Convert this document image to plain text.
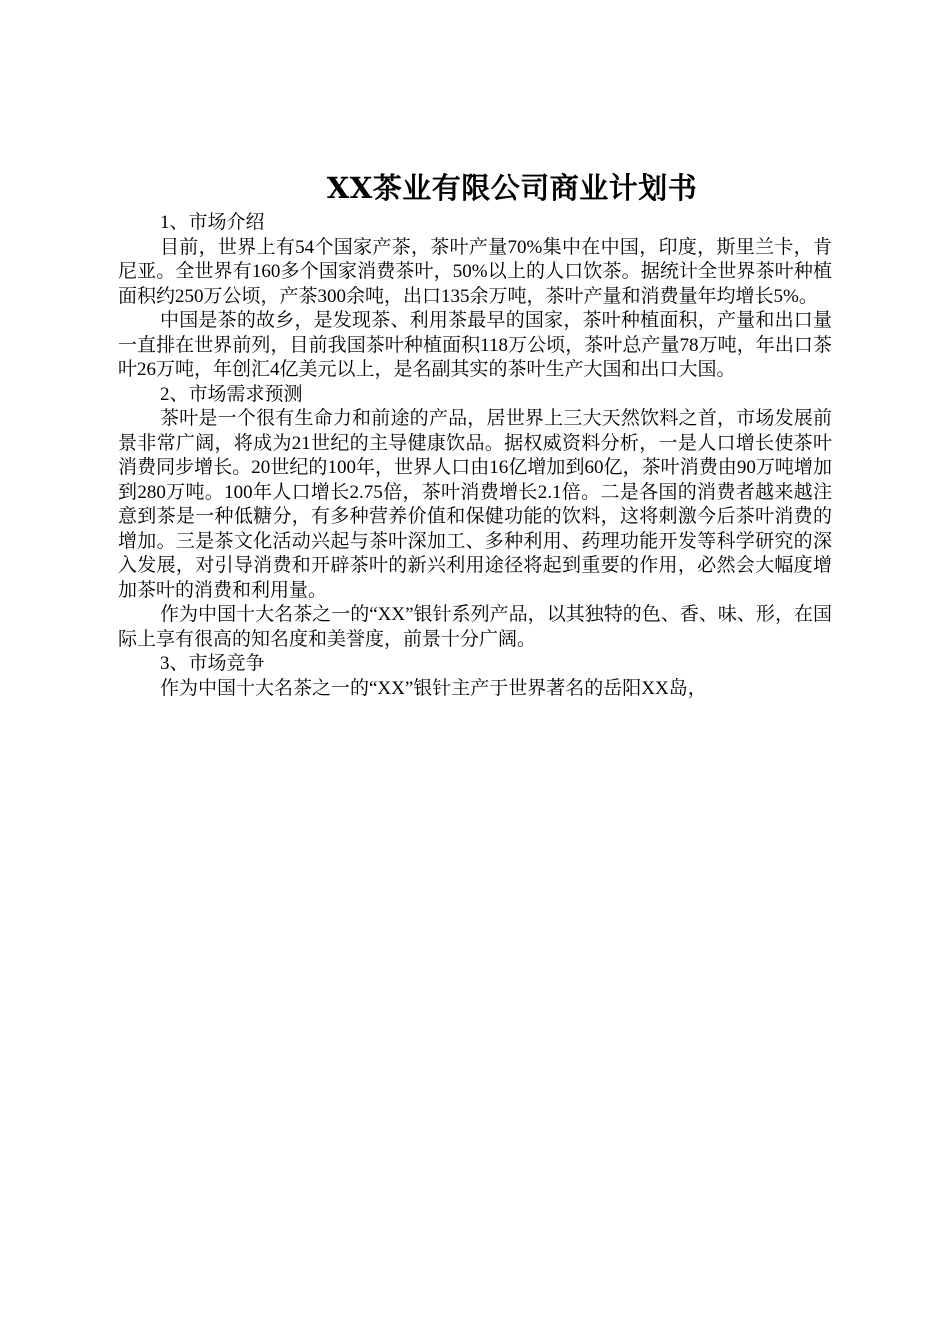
XX茶业有限公司商业计划书

1、市场介绍

目前，世界上有54个国家产茶，茶叶产量70%集中在中国，印度，斯里兰卡，肯尼亚。全世界有160多个国家消费茶叶，50%以上的人口饮茶。据统计全世界茶叶种植面积约250万公顷，产茶300余吨，出口135余万吨，茶叶产量和消费量年均增长5%。

中国是茶的故乡，是发现茶、利用茶最早的国家，茶叶种植面积，产量和出口量一直排在世界前列，目前我国茶叶种植面积118万公顷，茶叶总产量78万吨，年出口茶叶26万吨，年创汇4亿美元以上，是名副其实的茶叶生产大国和出口大国。

2、市场需求预测

茶叶是一个很有生命力和前途的产品，居世界上三大天然饮料之首，市场发展前景非常广阔，将成为21世纪的主导健康饮品。据权威资料分析，一是人口增长使茶叶消费同步增长。20世纪的100年，世界人口由16亿增加到60亿，茶叶消费由90万吨增加到280万吨。100年人口增长2.75倍，茶叶消费增长2.1倍。二是各国的消费者越来越注意到茶是一种低糖分，有多种营养价值和保健功能的饮料，这将刺激今后茶叶消费的增加。三是茶文化活动兴起与茶叶深加工、多种利用、药理功能开发等科学研究的深入发展，对引导消费和开辟茶叶的新兴利用途径将起到重要的作用，必然会大幅度增加茶叶的消费和利用量。

作为中国十大名茶之一的“XX”银针系列产品，以其独特的色、香、味、形，在国际上享有很高的知名度和美誉度，前景十分广阔。

3、市场竞争

作为中国十大名茶之一的“XX”银针主产于世界著名的岳阳XX岛，
